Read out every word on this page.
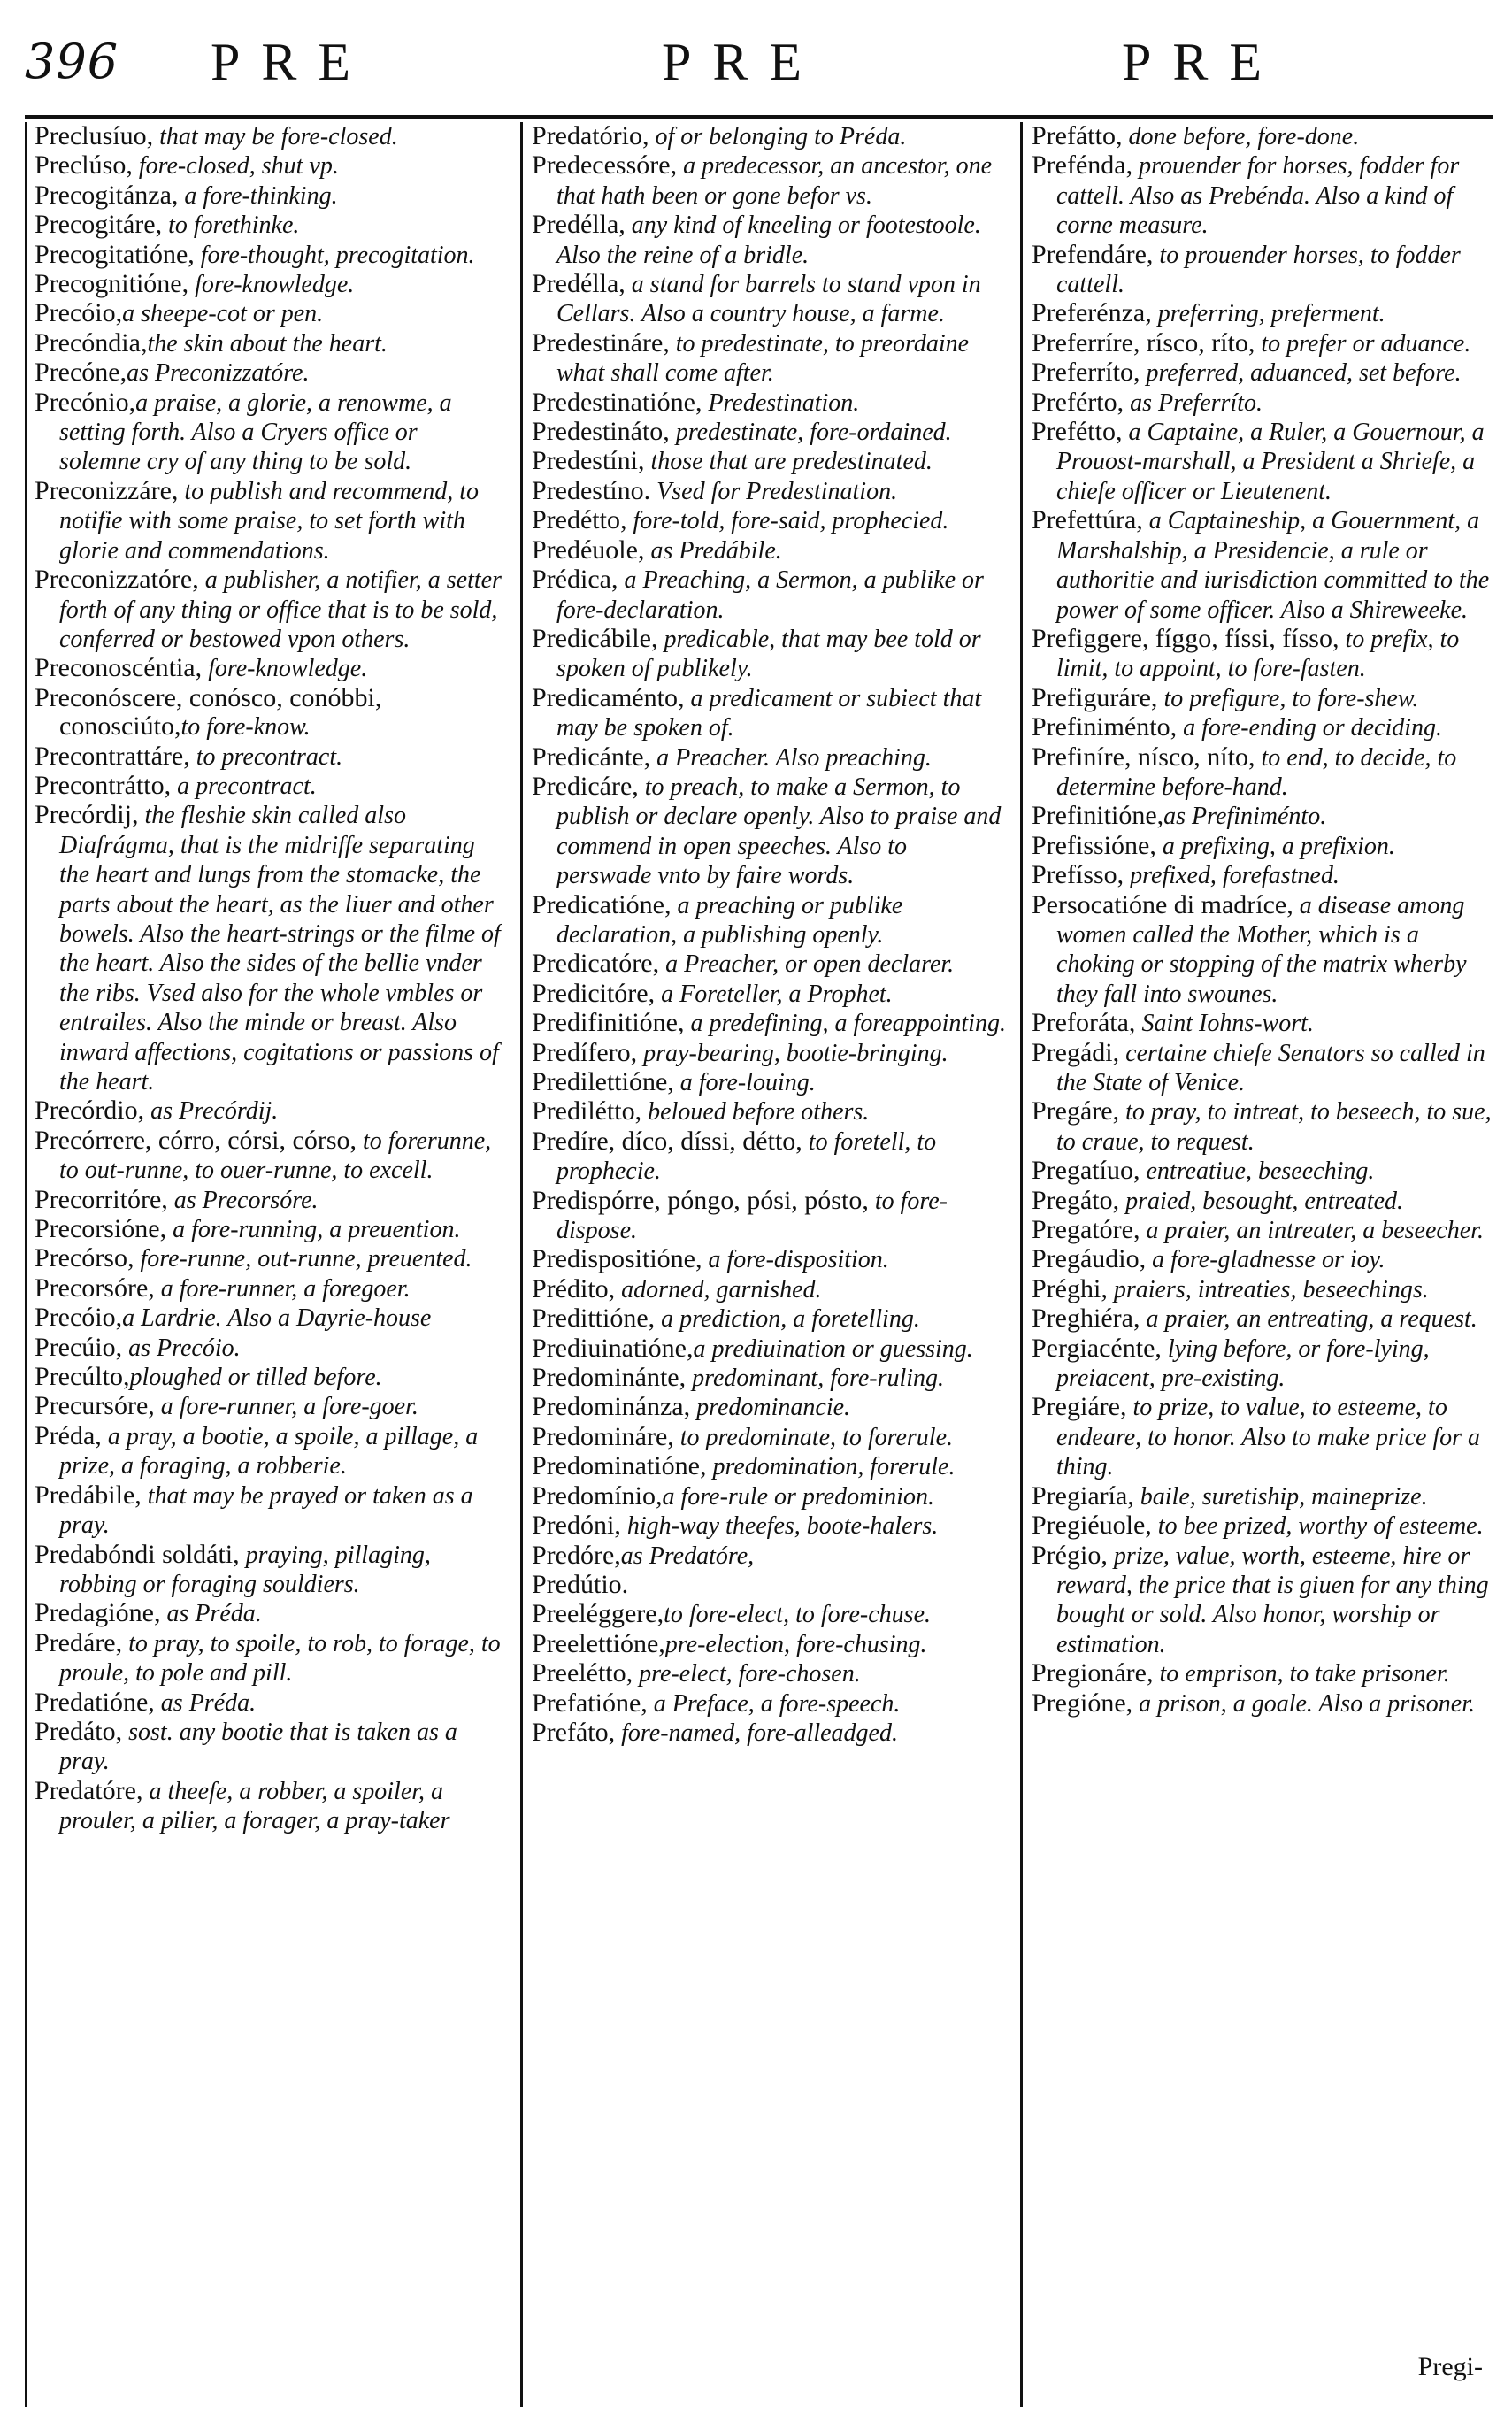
396 PRE	PRE	PRE

Preclusíuo, that may be fore-closed.

Preclúso, fore-closed, shut vp.

Precogitánza, a fore-thinking.

Precogitáre, to forethinke.

Precogitatióne, fore-thought, precogitation.

Precognitióne, fore-knowledge.

Precóio,a sheepe-cot or pen.

Precóndia,the skin about the heart.

Precóne,as Preconizzatóre.

Precónio,a praise, a glorie, a renowme, a setting forth. Also a Cryers office or solemne cry of any thing to be sold.

Preconizzáre, to publish and recommend, to notifie with some praise, to set forth with glorie and commendations.

Preconizzatóre, a publisher, a notifier, a setter forth of any thing or office that is to be sold, conferred or bestowed vpon others.

Preconoscéntia, fore-knowledge.

Preconóscere, conósco, conóbbi, conosciúto,to fore-know.

Precontrattáre, to precontract.

Precontrátto, a precontract.

Precórdij, the fleshie skin called also Diafrágma, that is the midriffe separating the heart and lungs from the stomacke, the parts about the heart, as the liuer and other bowels. Also the heart-strings or the filme of the heart. Also the sides of the bellie vnder the ribs. Vsed also for the whole vmbles or entrailes. Also the minde or breast. Also inward affections, cogitations or passions of the heart.

Precórdio, as Precórdij.

Precórrere, córro, córsi, córso, to forerunne, to out-runne, to ouer-runne, to excell.

Precorritóre, as Precorsóre.

Precorsióne, a fore-running, a preuention.

Precórso, fore-runne, out-runne, preuented.

Precorsóre, a fore-runner, a foregoer.

Precóio,a Lardrie. Also a Dayrie-house

Precúio, as Precóio.

Precúlto,ploughed or tilled before.

Precursóre, a fore-runner, a fore-goer.

Préda, a pray, a bootie, a spoile, a pillage, a prize, a foraging, a robberie.

Predábile, that may be prayed or taken as a pray.

Predabóndi soldáti, praying, pillaging, robbing or foraging souldiers.

Predagióne, as Préda.

Predáre, to pray, to spoile, to rob, to forage, to proule, to pole and pill.

Predatióne, as Préda.

Predáto, sost. any bootie that is taken as a pray.

Predatóre, a theefe, a robber, a spoiler, a prouler, a pilier, a forager, a pray-taker

Predatório, of or belonging to Préda.

Predecessóre, a predecessor, an ancestor, one that hath been or gone befor vs.

Predélla, any kind of kneeling or footestoole. Also the reine of a bridle.

Predélla, a stand for barrels to stand vpon in Cellars. Also a country house, a farme.

Predestináre, to predestinate, to preordaine what shall come after.

Predestinatióne, Predestination.

Predestináto, predestinate, fore-ordained.

Predestíni, those that are predestinated.

Predestíno. Vsed for Predestination.

Predétto, fore-told, fore-said, prophecied.

Predéuole, as Predábile.

Prédica, a Preaching, a Sermon, a publike or fore-declaration.

Predicábile, predicable, that may bee told or spoken of publikely.

Predicaménto, a predicament or subiect that may be spoken of.

Predicánte, a Preacher. Also preaching.

Predicáre, to preach, to make a Sermon, to publish or declare openly. Also to praise and commend in open speeches. Also to perswade vnto by faire words.

Predicatióne, a preaching or publike declaration, a publishing openly.

Predicatóre, a Preacher, or open declarer.

Predicitóre, a Foreteller, a Prophet.

Predifinitióne, a predefining, a foreappointing.

Predífero, pray-bearing, bootie-bringing.

Predilettióne, a fore-louing.

Predilétto, beloued before others.

Predíre, díco, díssi, détto, to foretell, to prophecie.

Predispórre, póngo, pósi, pósto, to fore-dispose.

Predispositióne, a fore-disposition.

Prédito, adorned, garnished.

Predittióne, a prediction, a foretelling.

Prediuinatióne,a prediuination or guessing.

Predominánte, predominant, fore-ruling.

Predominánza, predominancie.

Predomináre, to predominate, to forerule.

Predominatióne, predomination, forerule.

Predomínio,a fore-rule or predominion.

Predóni, high-way theefes, boote-halers.

Predóre,as Predatóre,

Predútio.

Preeléggere,to fore-elect, to fore-chuse.

Preelettióne,pre-election, fore-chusing.

Preelétto, pre-elect, fore-chosen.

Prefatióne, a Preface, a fore-speech.

Prefáto, fore-named, fore-alleadged.

Prefátto, done before, fore-done.

Prefénda, prouender for horses, fodder for cattell. Also as Prebénda. Also a kind of corne measure.

Prefendáre, to prouender horses, to fodder cattell.

Preferénza, preferring, preferment.

Preferríre, rísco, ríto, to prefer or aduance.

Preferríto, preferred, aduanced, set before.

Preférto, as Preferríto.

Prefétto, a Captaine, a Ruler, a Gouernour, a Prouost-marshall, a President a Shriefe, a chiefe officer or Lieutenent.

Prefettúra, a Captaineship, a Gouernment, a Marshalship, a Presidencie, a rule or authoritie and iurisdiction committed to the power of some officer. Also a Shireweeke.

Prefiggere, fíggo, físsi, físso, to prefix, to limit, to appoint, to fore-fasten.

Prefiguráre, to prefigure, to fore-shew.

Prefiniménto, a fore-ending or deciding.

Prefiníre, nísco, níto, to end, to decide, to determine before-hand.

Prefinitióne,as Prefiniménto.

Prefissióne, a prefixing, a prefixion.

Prefísso, prefixed, forefastned.

Persocatióne di madríce, a disease among women called the Mother, which is a choking or stopping of the matrix wherby they fall into swounes.

Preforáta, Saint Iohns-wort.

Pregádi, certaine chiefe Senators so called in the State of Venice.

Pregáre, to pray, to intreat, to beseech, to sue, to craue, to request.

Pregatíuo, entreatiue, beseeching.

Pregáto, praied, besought, entreated.

Pregatóre, a praier, an intreater, a beseecher.

Pregáudio, a fore-gladnesse or ioy.

Préghi, praiers, intreaties, beseechings.

Preghiéra, a praier, an entreating, a request.

Pergiacénte, lying before, or fore-lying, preiacent, pre-existing.

Pregiáre, to prize, to value, to esteeme, to endeare, to honor. Also to make price for a thing.

Pregiaría, baile, suretiship, maineprize.

Pregiéuole, to bee prized, worthy of esteeme.

Prégio, prize, value, worth, esteeme, hire or reward, the price that is giuen for any thing bought or sold. Also honor, worship or estimation.

Pregionáre, to emprison, to take prisoner.

Pregióne, a prison, a goale. Also a prisoner.

Pregi-
